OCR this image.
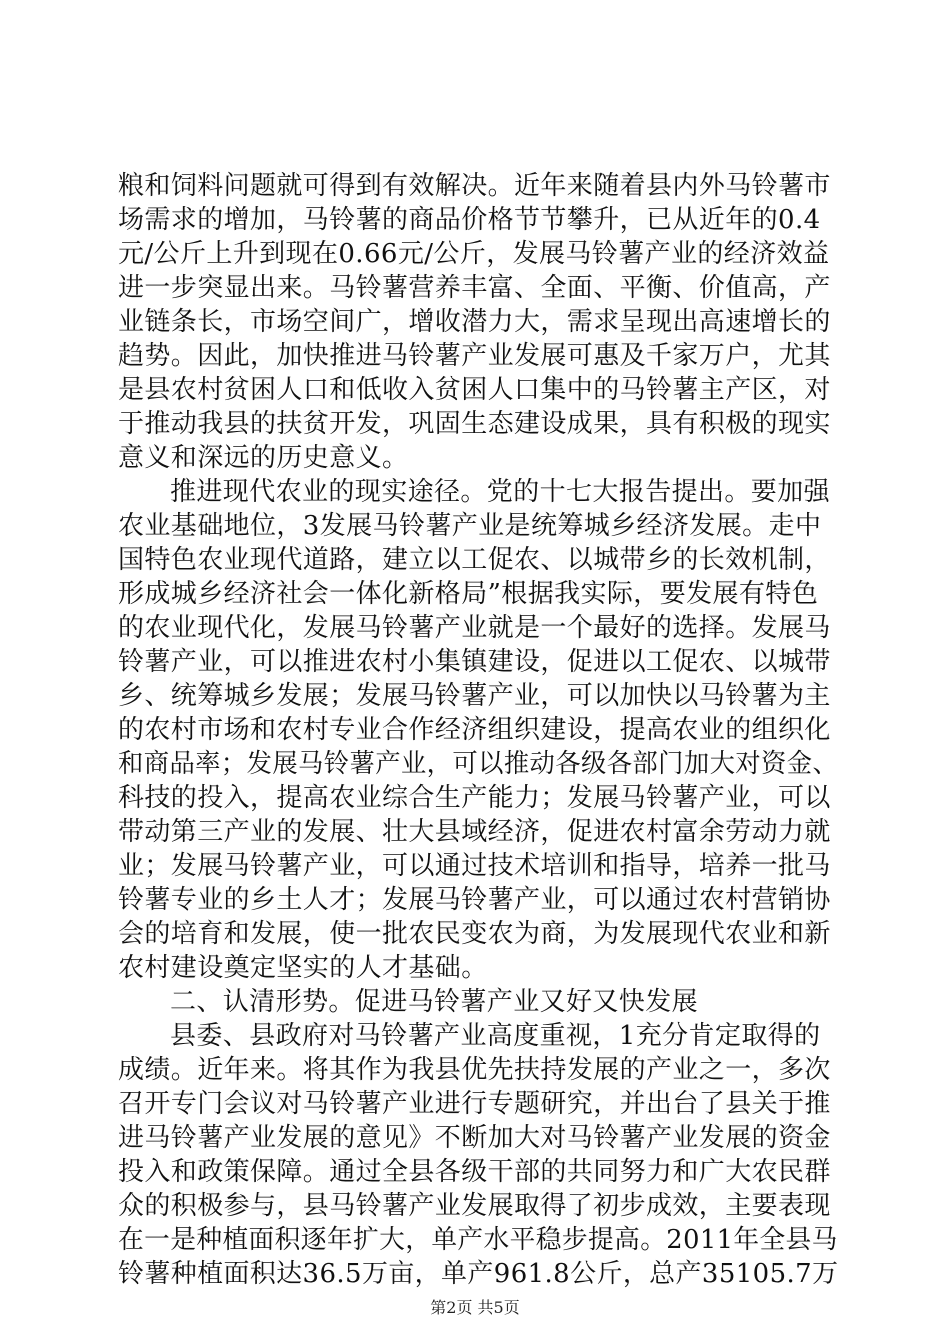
粮和饲料问题就可得到有效解决。近年来随着县内外马铃薯市
场需求的增加，马铃薯的商品价格节节攀升，已从近年的0.4
元/公斤上升到现在0.66元/公斤，发展马铃薯产业的经济效益
进一步突显出来。马铃薯营养丰富、全面、平衡、价值高，产
业链条长，市场空间广，增收潜力大，需求呈现出高速增长的
趋势。因此，加快推进马铃薯产业发展可惠及千家万户，尤其
是县农村贫困人口和低收入贫困人口集中的马铃薯主产区，对
于推动我县的扶贫开发，巩固生态建设成果，具有积极的现实
意义和深远的历史意义。
推进现代农业的现实途径。党的十七大报告提出。要加强
农业基础地位，3发展马铃薯产业是统筹城乡经济发展。走中
国特色农业现代道路，建立以工促农、以城带乡的长效机制，
形成城乡经济社会一体化新格局”根据我实际，要发展有特色
的农业现代化，发展马铃薯产业就是一个最好的选择。发展马
铃薯产业，可以推进农村小集镇建设，促进以工促农、以城带
乡、统筹城乡发展；发展马铃薯产业，可以加快以马铃薯为主
的农村市场和农村专业合作经济组织建设，提高农业的组织化
和商品率；发展马铃薯产业，可以推动各级各部门加大对资金、
科技的投入，提高农业综合生产能力；发展马铃薯产业，可以
带动第三产业的发展、壮大县域经济，促进农村富余劳动力就
业；发展马铃薯产业，可以通过技术培训和指导，培养一批马
铃薯专业的乡土人才；发展马铃薯产业，可以通过农村营销协
会的培育和发展，使一批农民变农为商，为发展现代农业和新
农村建设奠定坚实的人才基础。
二、认清形势。促进马铃薯产业又好又快发展
县委、县政府对马铃薯产业高度重视，1充分肯定取得的
成绩。近年来。将其作为我县优先扶持发展的产业之一，多次
召开专门会议对马铃薯产业进行专题研究，并出台了县关于推
进马铃薯产业发展的意见》不断加大对马铃薯产业发展的资金
投入和政策保障。通过全县各级干部的共同努力和广大农民群
众的积极参与，县马铃薯产业发展取得了初步成效，主要表现
在一是种植面积逐年扩大，单产水平稳步提高。2011年全县马
铃薯种植面积达36.5万亩，单产961.8公斤，总产35105.7万
第2页 共5页
